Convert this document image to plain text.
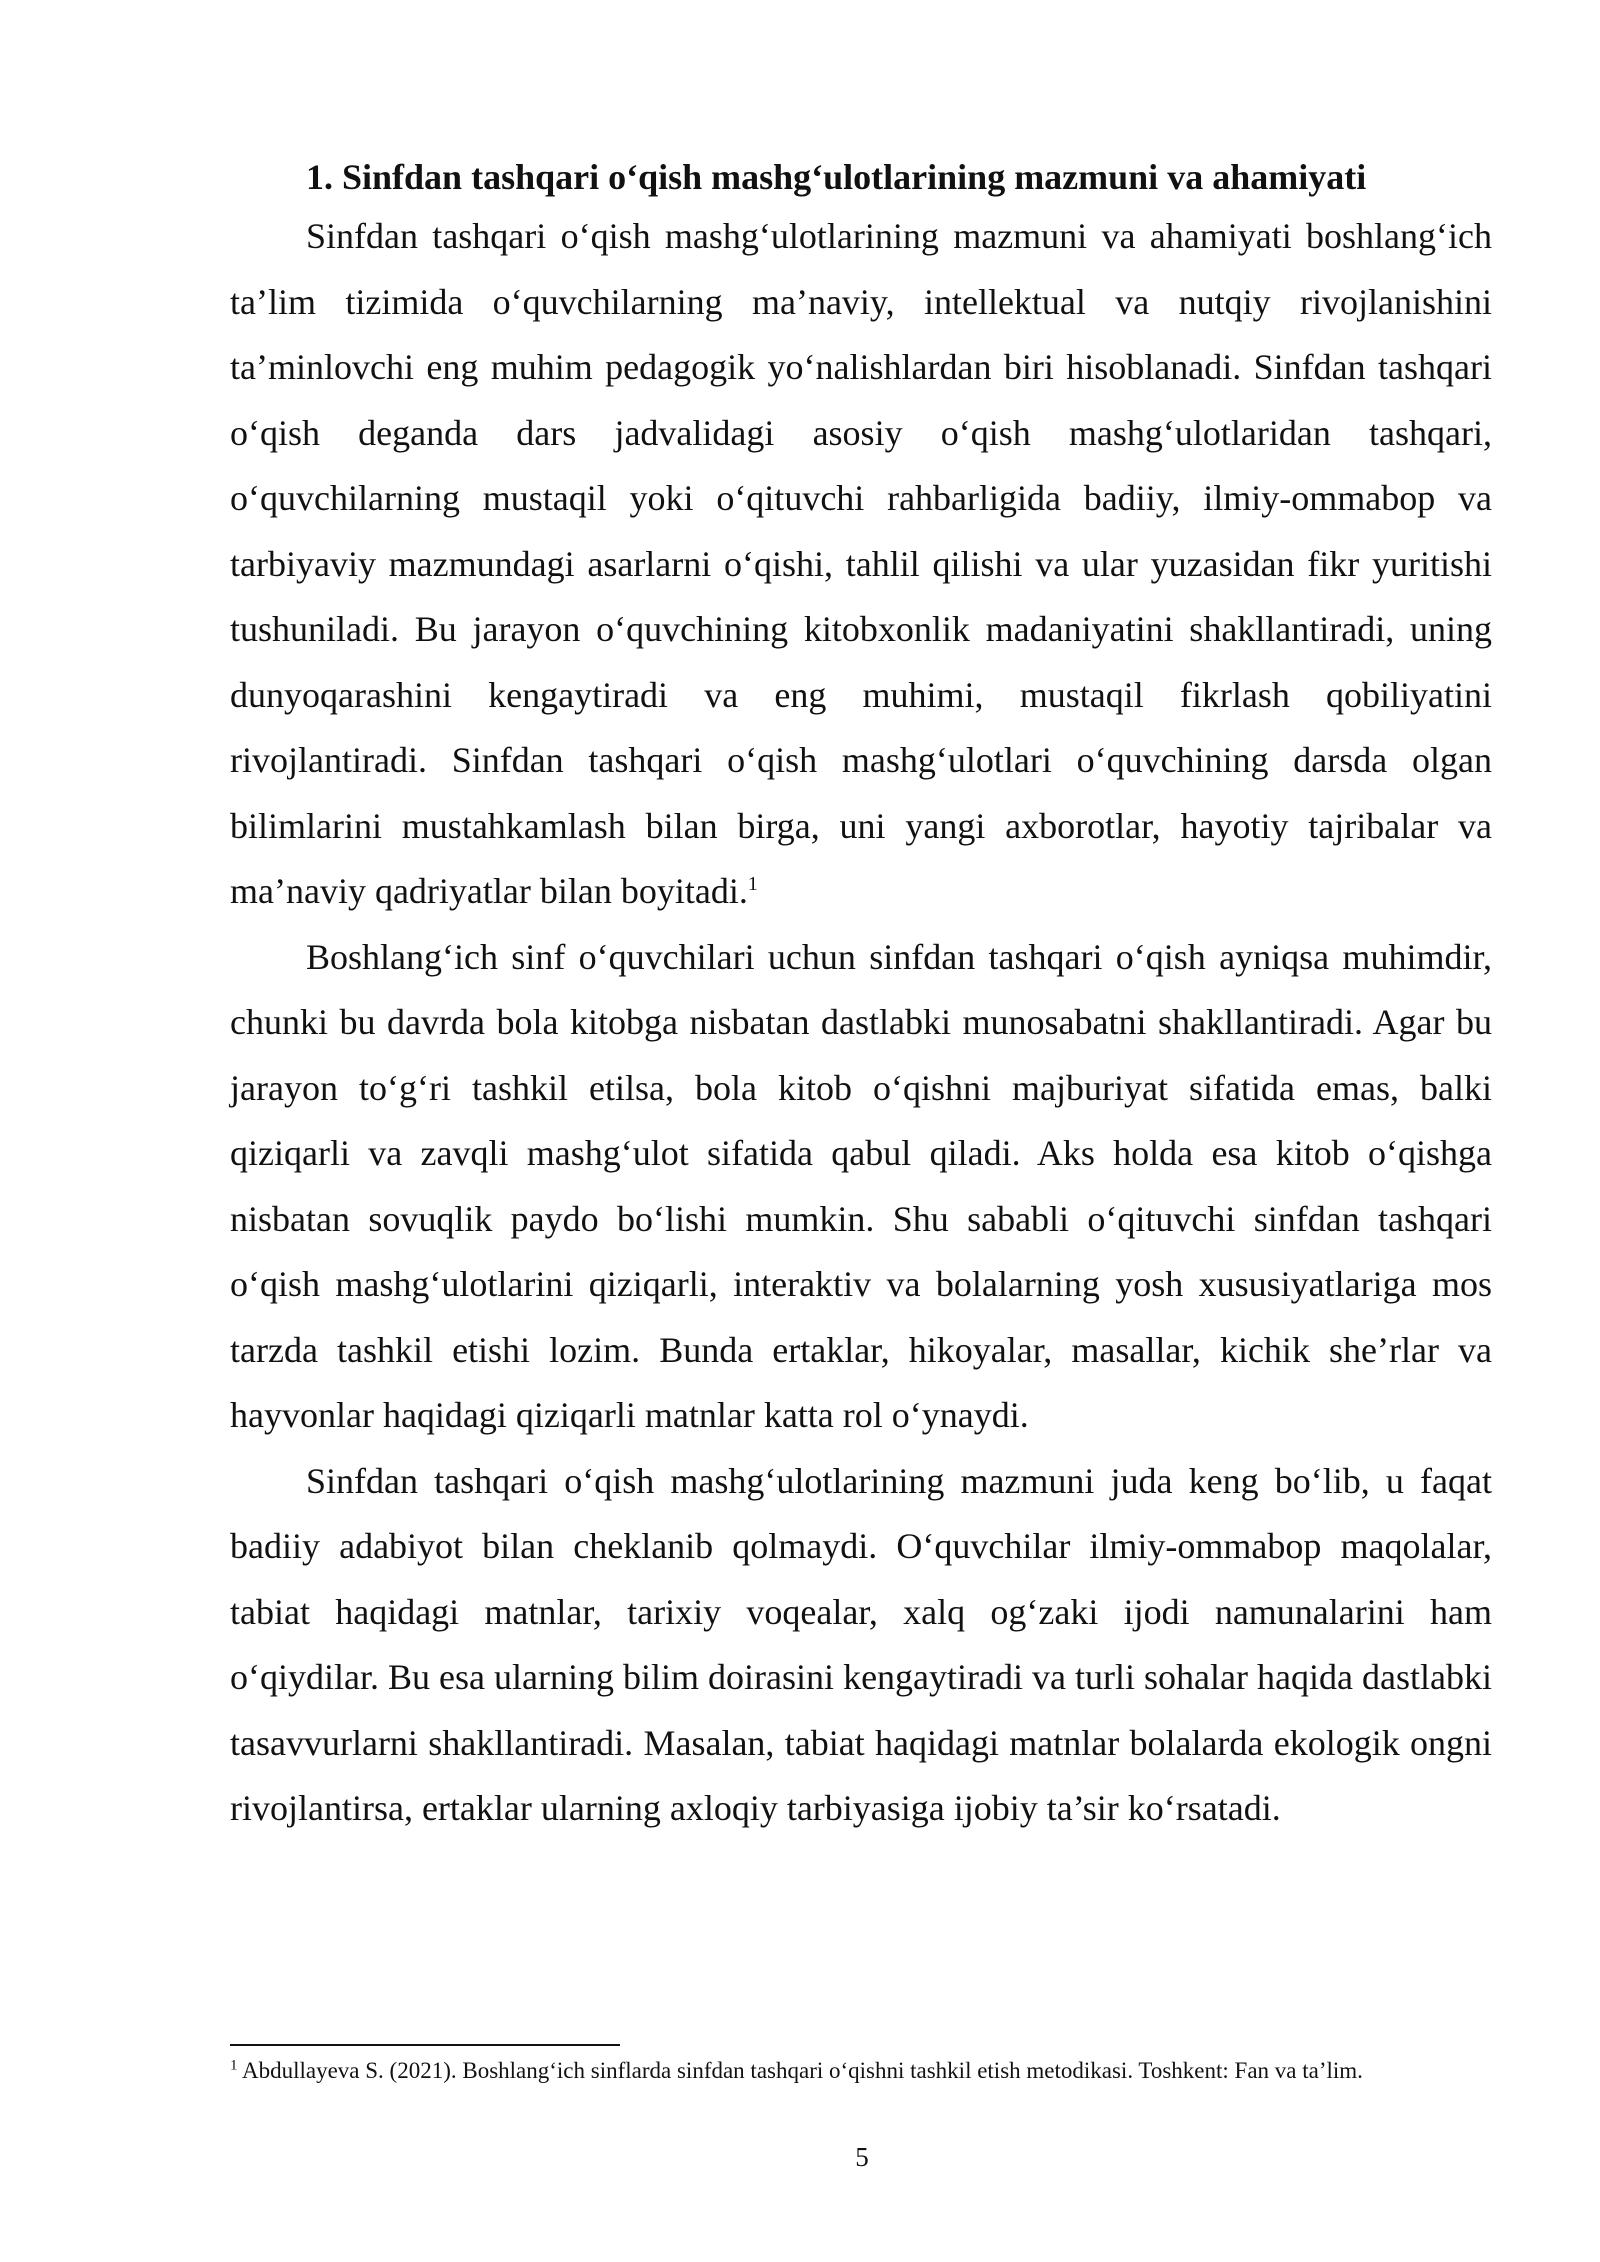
1. Sinfdan tashqari o‘qish mashg‘ulotlarining mazmuni va ahamiyati

Sinfdan tashqari o‘qish mashg‘ulotlarining mazmuni va ahamiyati boshlang‘ich ta’lim tizimida o‘quvchilarning ma’naviy, intellektual va nutqiy rivojlanishini ta’minlovchi eng muhim pedagogik yo‘nalishlardan biri hisoblanadi. Sinfdan tashqari o‘qish deganda dars jadvalidagi asosiy o‘qish mashg‘ulotlaridan tashqari, o‘quvchilarning mustaqil yoki o‘qituvchi rahbarligida badiiy, ilmiy-ommabop va tarbiyaviy mazmundagi asarlarni o‘qishi, tahlil qilishi va ular yuzasidan fikr yuritishi tushuniladi. Bu jarayon o‘quvchining kitobxonlik madaniyatini shakllantiradi, uning dunyoqarashini kengaytiradi va eng muhimi, mustaqil fikrlash qobiliyatini rivojlantiradi. Sinfdan tashqari o‘qish mashg‘ulotlari o‘quvchining darsda olgan bilimlarini mustahkamlash bilan birga, uni yangi axborotlar, hayotiy tajribalar va ma’naviy qadriyatlar bilan boyitadi.$^1$

Boshlang‘ich sinf o‘quvchilari uchun sinfdan tashqari o‘qish ayniqsa muhimdir, chunki bu davrda bola kitobga nisbatan dastlabki munosabatni shakllantiradi. Agar bu jarayon to‘g‘ri tashkil etilsa, bola kitob o‘qishni majburiyat sifatida emas, balki qiziqarli va zavqli mashg‘ulot sifatida qabul qiladi. Aks holda esa kitob o‘qishga nisbatan sovuqlik paydo bo‘lishi mumkin. Shu sababli o‘qituvchi sinfdan tashqari o‘qish mashg‘ulotlarini qiziqarli, interaktiv va bolalarning yosh xususiyatlariga mos tarzda tashkil etishi lozim. Bunda ertaklar, hikoyalar, masallar, kichik she’rlar va hayvonlar haqidagi qiziqarli matnlar katta rol o‘ynaydi.

Sinfdan tashqari o‘qish mashg‘ulotlarining mazmuni juda keng bo‘lib, u faqat badiiy adabiyot bilan cheklanib qolmaydi. O‘quvchilar ilmiy-ommabop maqolalar, tabiat haqidagi matnlar, tarixiy voqealar, xalq og‘zaki ijodi namunalarini ham o‘qiydilar. Bu esa ularning bilim doirasini kengaytiradi va turli sohalar haqida dastlabki tasavvurlarni shakllantiradi. Masalan, tabiat haqidagi matnlar bolalarda ekologik ongni rivojlantirsa, ertaklar ularning axloqiy tarbiyasiga ijobiy ta’sir ko‘rsatadi.

$^1$ Abdullayeva S. (2021). Boshlang‘ich sinflarda sinfdan tashqari o‘qishni tashkil etish metodikasi. Toshkent: Fan va ta’lim.

5
